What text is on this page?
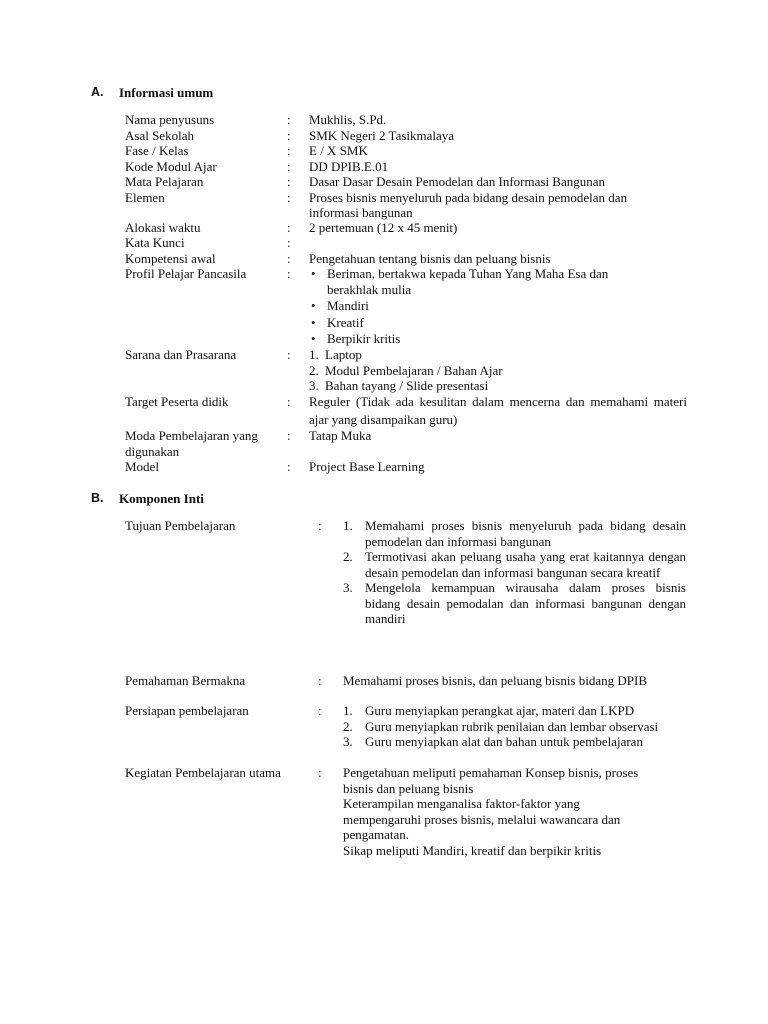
A. Informasi umum
Nama penyusuns	: Mukhlis, S.Pd.
Asal Sekolah	: SMK Negeri 2 Tasikmalaya
Fase / Kelas	: E / X SMK
Kode Modul Ajar	: DD DPIB.E.01
Mata Pelajaran	: Dasar Dasar Desain Pemodelan dan Informasi Bangunan
Elemen	: Proses bisnis menyeluruh pada bidang desain pemodelan dan informasi bangunan
Alokasi waktu	: 2 pertemuan (12 x 45 menit)
Kata Kunci	:
Kompetensi awal	: Pengetahuan tentang bisnis dan peluang bisnis
Profil Pelajar Pancasila	:
•	Beriman, bertakwa kepada Tuhan Yang Maha Esa dan berakhlak mulia
• Mandiri
• Kreatif
• Berpikir kritis
Sarana dan Prasarana	: 1. Laptop
2. Modul Pembelajaran / Bahan Ajar
3. Bahan tayang / Slide presentasi
Target Peserta didik	: Reguler (Tidak ada kesulitan dalam mencerna dan memahami materi ajar yang disampaikan guru)
Moda Pembelajaran yang digunakan
: Tatap Muka
Model	: Project Base Learning
B. Komponen Inti
Tujuan Pembelajaran	: 1. Memahami proses bisnis menyeluruh pada bidang desain pemodelan dan informasi bangunan
2. Termotivasi akan peluang usaha yang erat kaitannya dengan desain pemodelan dan informasi bangunan secara kreatif
3. Mengelola kemampuan wirausaha dalam proses bisnis bidang desain pemodalan dan informasi bangunan dengan mandiri
Pemahaman Bermakna	: Memahami proses bisnis, dan peluang bisnis bidang DPIB
Persiapan pembelajaran	: 1. Guru menyiapkan perangkat ajar, materi dan LKPD
2. Guru menyiapkan rubrik penilaian dan lembar observasi
3. Guru menyiapkan alat dan bahan untuk pembelajaran
Kegiatan Pembelajaran utama	: Pengetahuan meliputi pemahaman Konsep bisnis, proses bisnis dan peluang bisnis
Keterampilan menganalisa faktor-faktor yang mempengaruhi proses bisnis, melalui wawancara dan pengamatan.
Sikap meliputi Mandiri, kreatif dan berpikir kritis
